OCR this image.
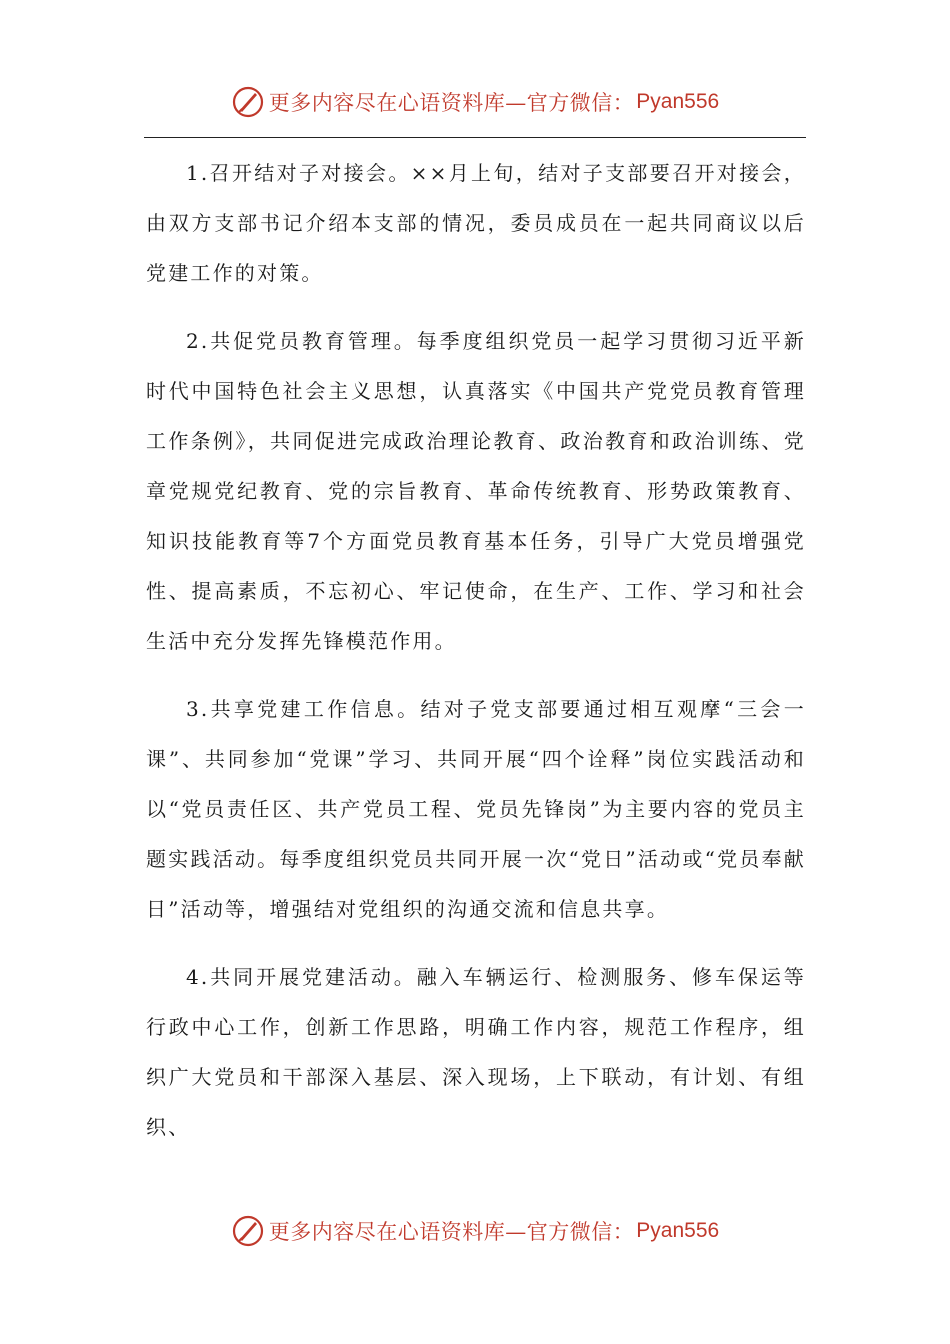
更多内容尽在心语资料库—官方微信： Pyan556

1.召开结对子对接会。××月上旬，结对子支部要召开对接会，由双方支部书记介绍本支部的情况，委员成员在一起共同商议以后党建工作的对策。

2.共促党员教育管理。每季度组织党员一起学习贯彻习近平新时代中国特色社会主义思想，认真落实《中国共产党党员教育管理工作条例》，共同促进完成政治理论教育、政治教育和政治训练、党章党规党纪教育、党的宗旨教育、革命传统教育、形势政策教育、知识技能教育等7个方面党员教育基本任务，引导广大党员增强党性、提高素质，不忘初心、牢记使命，在生产、工作、学习和社会生活中充分发挥先锋模范作用。

3.共享党建工作信息。结对子党支部要通过相互观摩“三会一课”、共同参加“党课”学习、共同开展“四个诠释”岗位实践活动和以“党员责任区、共产党员工程、党员先锋岗”为主要内容的党员主题实践活动。每季度组织党员共同开展一次“党日”活动或“党员奉献日”活动等，增强结对党组织的沟通交流和信息共享。

4.共同开展党建活动。融入车辆运行、检测服务、修车保运等行政中心工作，创新工作思路，明确工作内容，规范工作程序，组织广大党员和干部深入基层、深入现场，上下联动，有计划、有组织、

更多内容尽在心语资料库—官方微信： Pyan556
